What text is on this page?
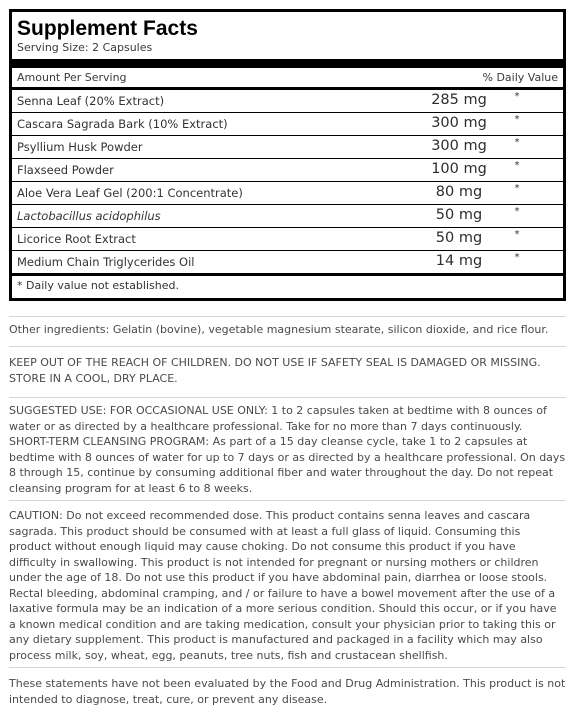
Supplement Facts
Serving Size: 2 Capsules
Amount Per Serving	% Daily Value
Senna Leaf (20% Extract)	285 mg	*
Cascara Sagrada Bark (10% Extract)	300 mg	*
Psyllium Husk Powder	300 mg	*
Flaxseed Powder	100 mg	*
Aloe Vera Leaf Gel (200:1 Concentrate)	80 mg	*
Lactobacillus acidophilus	50 mg	*
Licorice Root Extract	50 mg	*
Medium Chain Triglycerides Oil	14 mg	*
* Daily value not established.

Other ingredients: Gelatin (bovine), vegetable magnesium stearate, silicon dioxide, and rice flour.

KEEP OUT OF THE REACH OF CHILDREN. DO NOT USE IF SAFETY SEAL IS DAMAGED OR MISSING. STORE IN A COOL, DRY PLACE.

SUGGESTED USE: FOR OCCASIONAL USE ONLY: 1 to 2 capsules taken at bedtime with 8 ounces of water or as directed by a healthcare professional. Take for no more than 7 days continuously.

SHORT-TERM CLEANSING PROGRAM: As part of a 15 day cleanse cycle, take 1 to 2 capsules at bedtime with 8 ounces of water for up to 7 days or as directed by a healthcare professional. On days 8 through 15, continue by consuming additional fiber and water throughout the day. Do not repeat cleansing program for at least 6 to 8 weeks.

CAUTION: Do not exceed recommended dose. This product contains senna leaves and cascara sagrada. This product should be consumed with at least a full glass of liquid. Consuming this product without enough liquid may cause choking. Do not consume this product if you have difficulty in swallowing. This product is not intended for pregnant or nursing mothers or children under the age of 18. Do not use this product if you have abdominal pain, diarrhea or loose stools. Rectal bleeding, abdominal cramping, and / or failure to have a bowel movement after the use of a laxative formula may be an indication of a more serious condition. Should this occur, or if you have a known medical condition and are taking medication, consult your physician prior to taking this or any dietary supplement. This product is manufactured and packaged in a facility which may also process milk, soy, wheat, egg, peanuts, tree nuts, fish and crustacean shellfish.

These statements have not been evaluated by the Food and Drug Administration. This product is not intended to diagnose, treat, cure, or prevent any disease.
